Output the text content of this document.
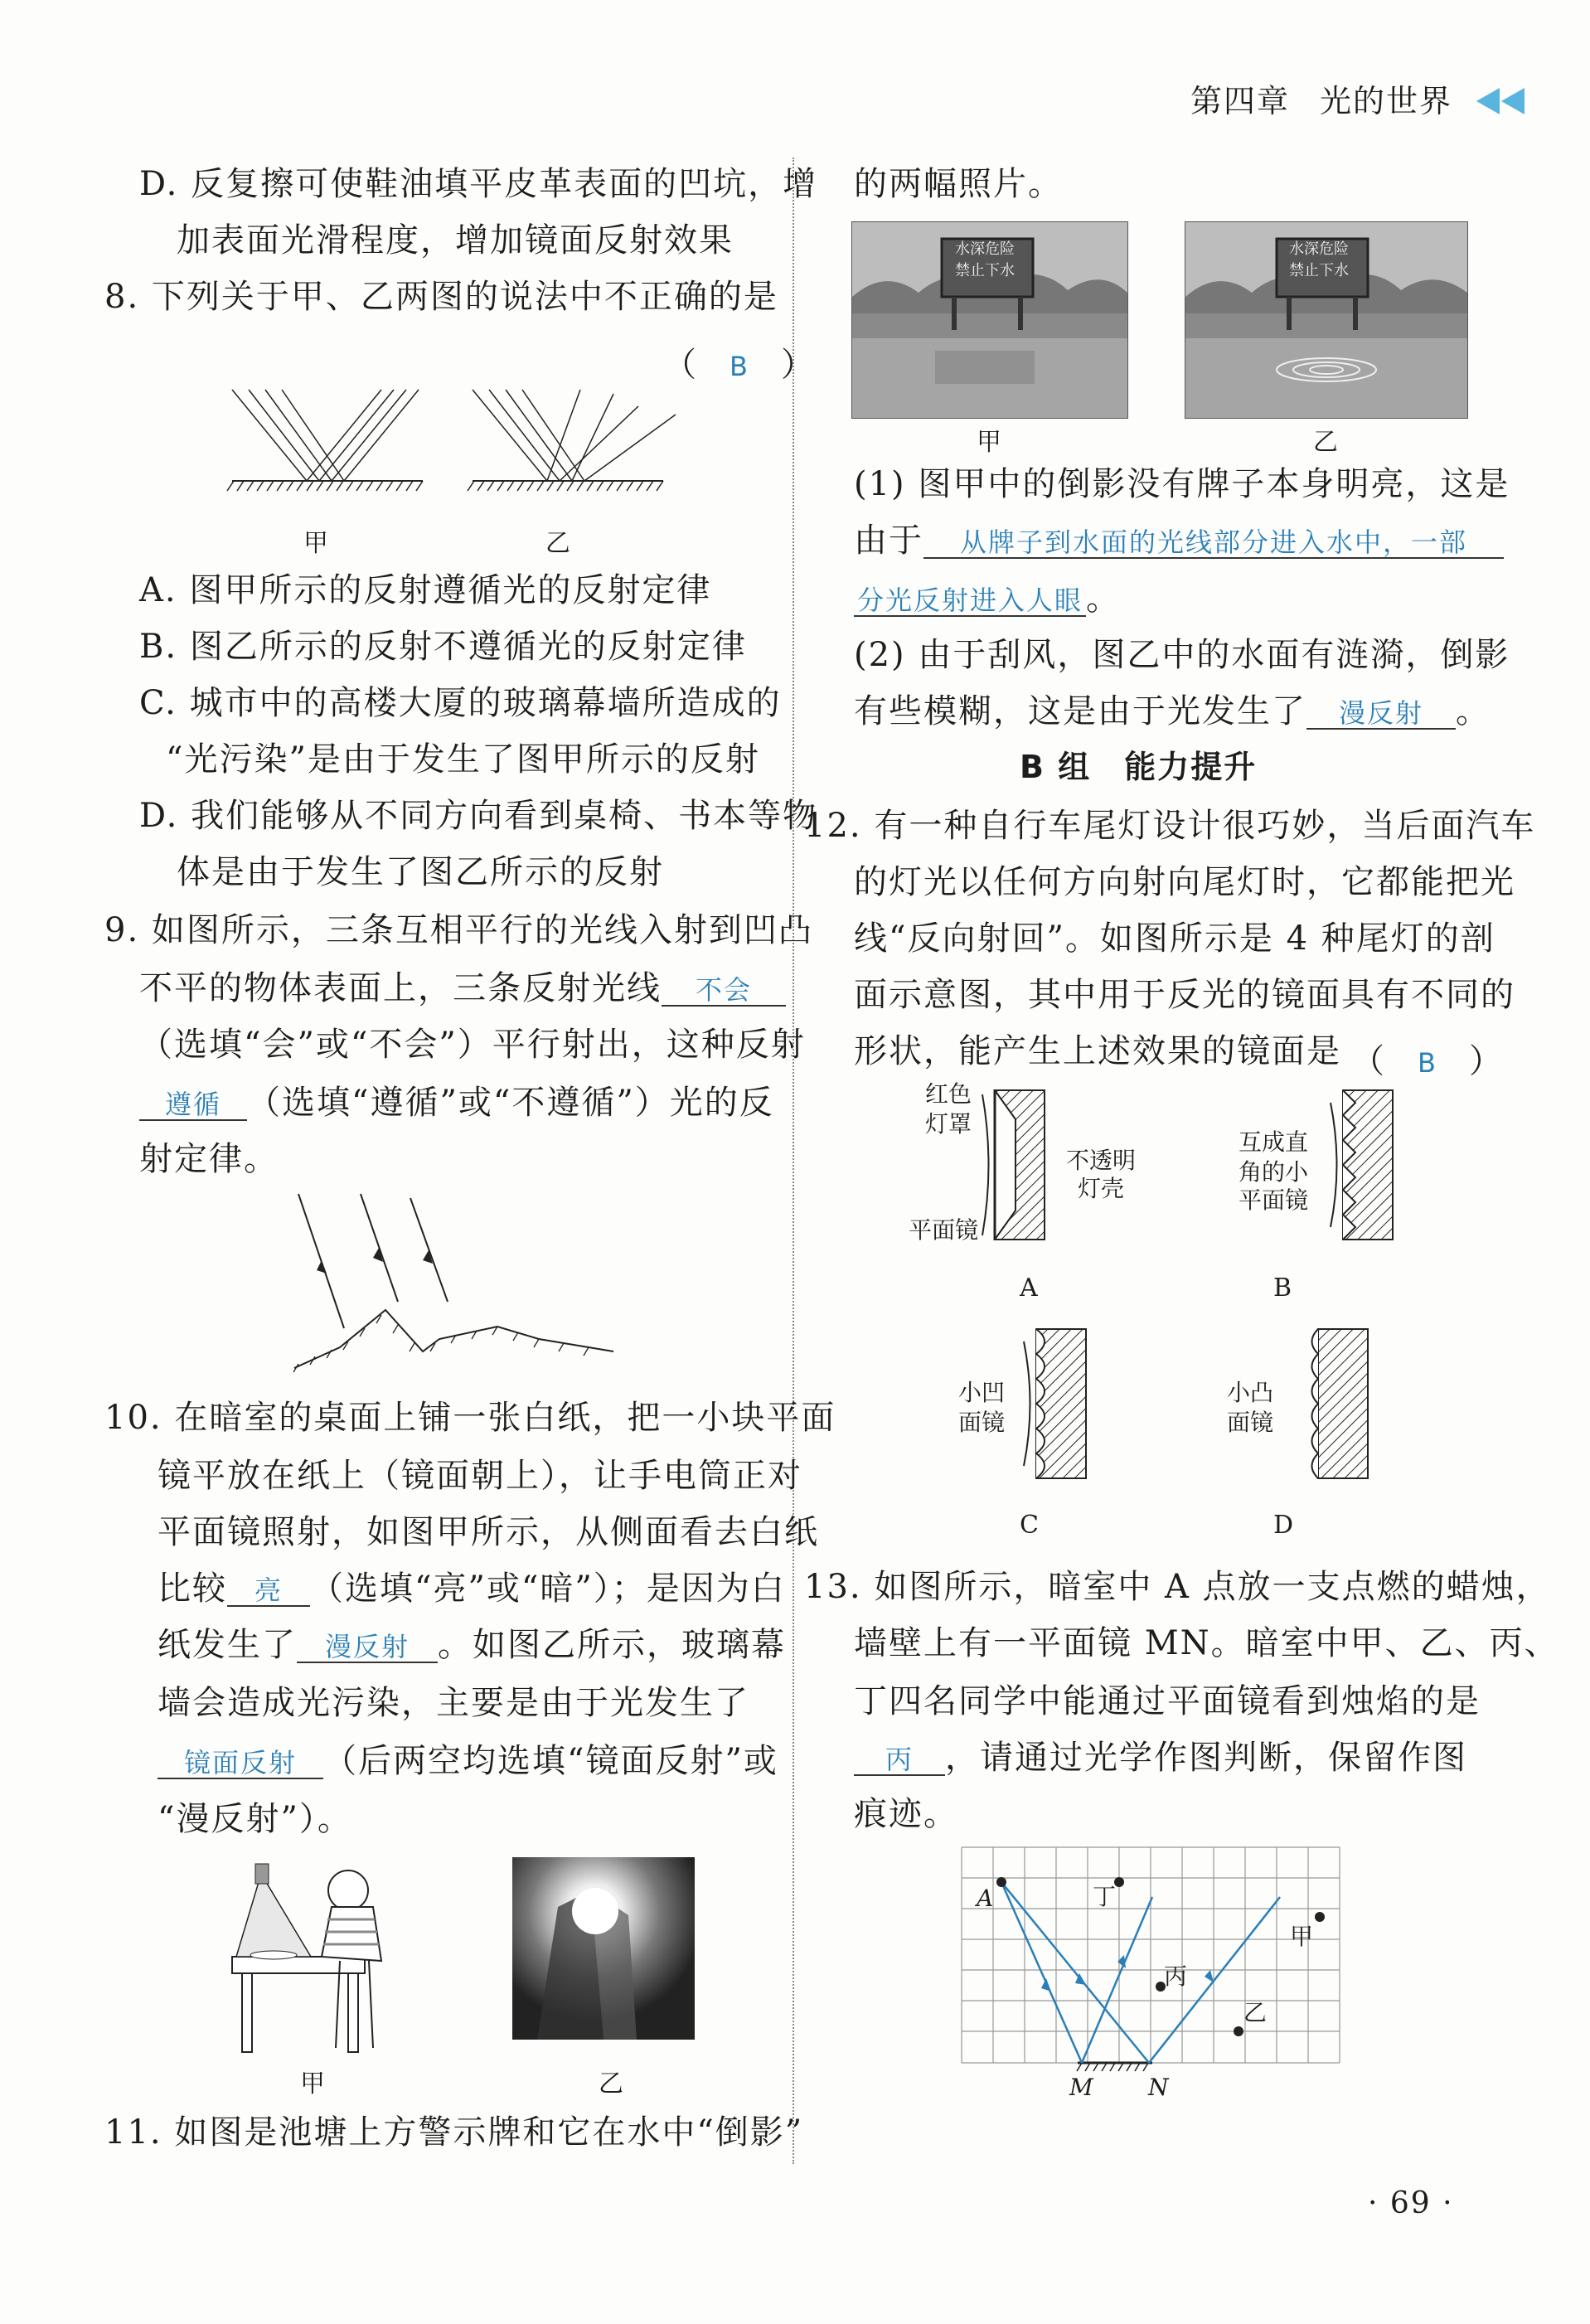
第四章 光的世界
D. 反复擦可使鞋油填平皮革表面的凹坑，增
加表面光滑程度，增加镜面反射效果
8. 下列关于甲、乙两图的说法中不正确的是
（　B　）
甲	乙
A. 图甲所示的反射遵循光的反射定律
B. 图乙所示的反射不遵循光的反射定律
C. 城市中的高楼大厦的玻璃幕墙所造成的
“光污染”是由于发生了图甲所示的反射
D. 我们能够从不同方向看到桌椅、书本等物
体是由于发生了图乙所示的反射
9. 如图所示，三条互相平行的光线入射到凹凸
不平的物体表面上，三条反射光线 不会
（选填“会”或“不会”）平行射出，这种反射
遵循 （选填“遵循”或“不遵循”）光的反
射定律。
10. 在暗室的桌面上铺一张白纸，把一小块平面
镜平放在纸上（镜面朝上），让手电筒正对
平面镜照射，如图甲所示，从侧面看去白纸
比较 亮 （选填“亮”或“暗”）；是因为白
纸发生了 漫反射 。如图乙所示，玻璃幕
墙会造成光污染，主要是由于光发生了
镜面反射 （后两空均选填“镜面反射”或
“漫反射”）。
甲	乙
11. 如图是池塘上方警示牌和它在水中“倒影”
的两幅照片。
水深危险
禁止下水
水深危险
禁止下水
甲	乙
(1) 图甲中的倒影没有牌子本身明亮，这是
由于 从牌子到水面的光线部分进入水中，一部
分光反射进入人眼 。
(2) 由于刮风，图乙中的水面有涟漪，倒影
有些模糊，这是由于光发生了 漫反射 。
B 组　能力提升
12. 有一种自行车尾灯设计很巧妙，当后面汽车
的灯光以任何方向射向尾灯时，它都能把光
线“反向射回”。如图所示是 4 种尾灯的剖
面示意图，其中用于反光的镜面具有不同的
形状，能产生上述效果的镜面是 （　B　）
红色
灯罩
不透明
灯壳
平面镜
互成直
角的小
平面镜
A	B
小凹
面镜
小凸
面镜
C	D
13. 如图所示，暗室中 A 点放一支点燃的蜡烛，
墙壁上有一平面镜 MN。暗室中甲、乙、丙、
丁四名同学中能通过平面镜看到烛焰的是
丙 ，请通过光学作图判断，保留作图
痕迹。
A	丁
甲
丙
乙
M N
· 69 ·
